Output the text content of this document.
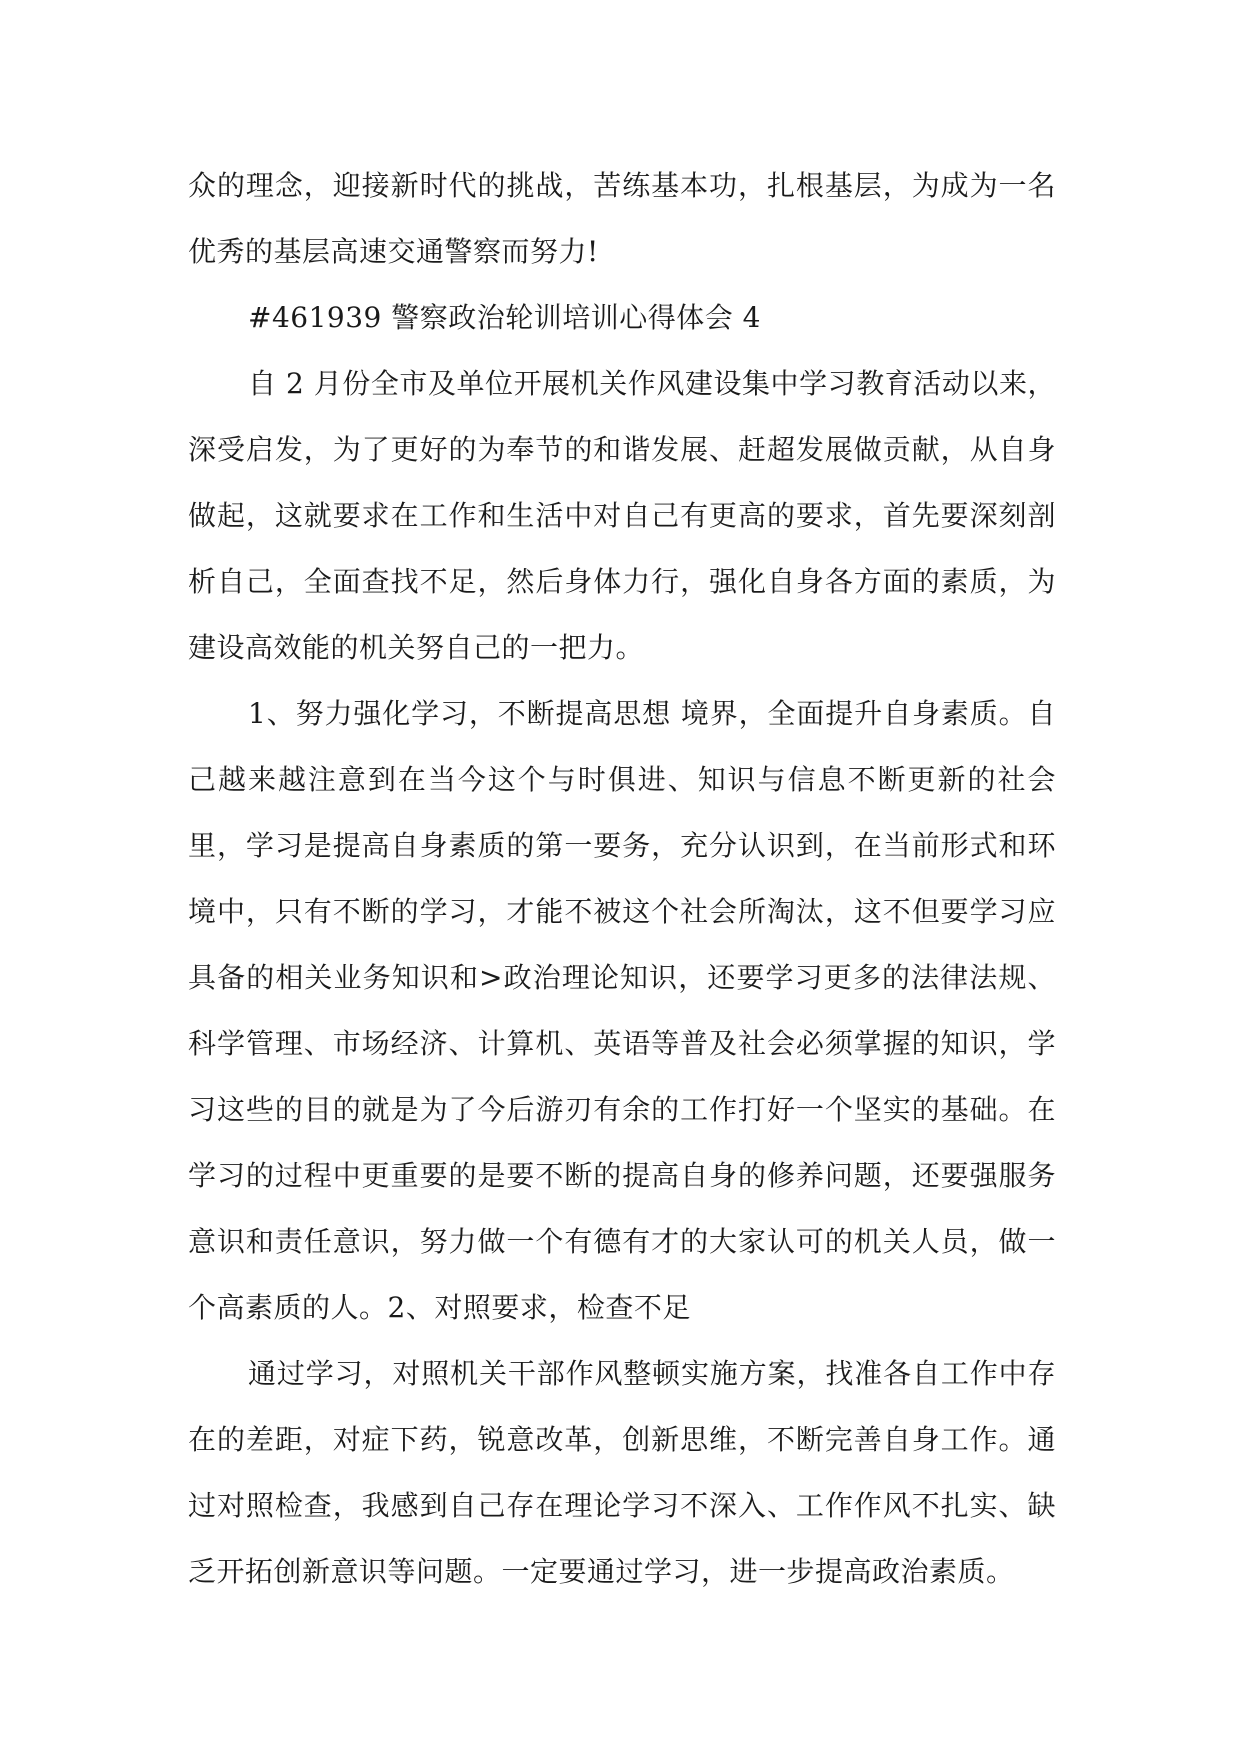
众的理念，迎接新时代的挑战，苦练基本功，扎根基层，为成为一名优秀的基层高速交通警察而努力!

#461939 警察政治轮训培训心得体会 4

自 2 月份全市及单位开展机关作风建设集中学习教育活动以来，深受启发，为了更好的为奉节的和谐发展、赶超发展做贡献，从自身做起，这就要求在工作和生活中对自己有更高的要求，首先要深刻剖析自己，全面查找不足，然后身体力行，强化自身各方面的素质，为建设高效能的机关努自己的一把力。

1、努力强化学习，不断提高思想 境界，全面提升自身素质。自己越来越注意到在当今这个与时俱进、知识与信息不断更新的社会里，学习是提高自身素质的第一要务，充分认识到，在当前形式和环境中，只有不断的学习，才能不被这个社会所淘汰，这不但要学习应具备的相关业务知识和>政治理论知识，还要学习更多的法律法规、科学管理、市场经济、计算机、英语等普及社会必须掌握的知识，学习这些的目的就是为了今后游刃有余的工作打好一个坚实的基础。在学习的过程中更重要的是要不断的提高自身的修养问题，还要强服务意识和责任意识，努力做一个有德有才的大家认可的机关人员，做一个高素质的人。2、对照要求，检查不足

通过学习，对照机关干部作风整顿实施方案，找准各自工作中存在的差距，对症下药，锐意改革，创新思维，不断完善自身工作。通过对照检查，我感到自己存在理论学习不深入、工作作风不扎实、缺乏开拓创新意识等问题。一定要通过学习，进一步提高政治素质。
